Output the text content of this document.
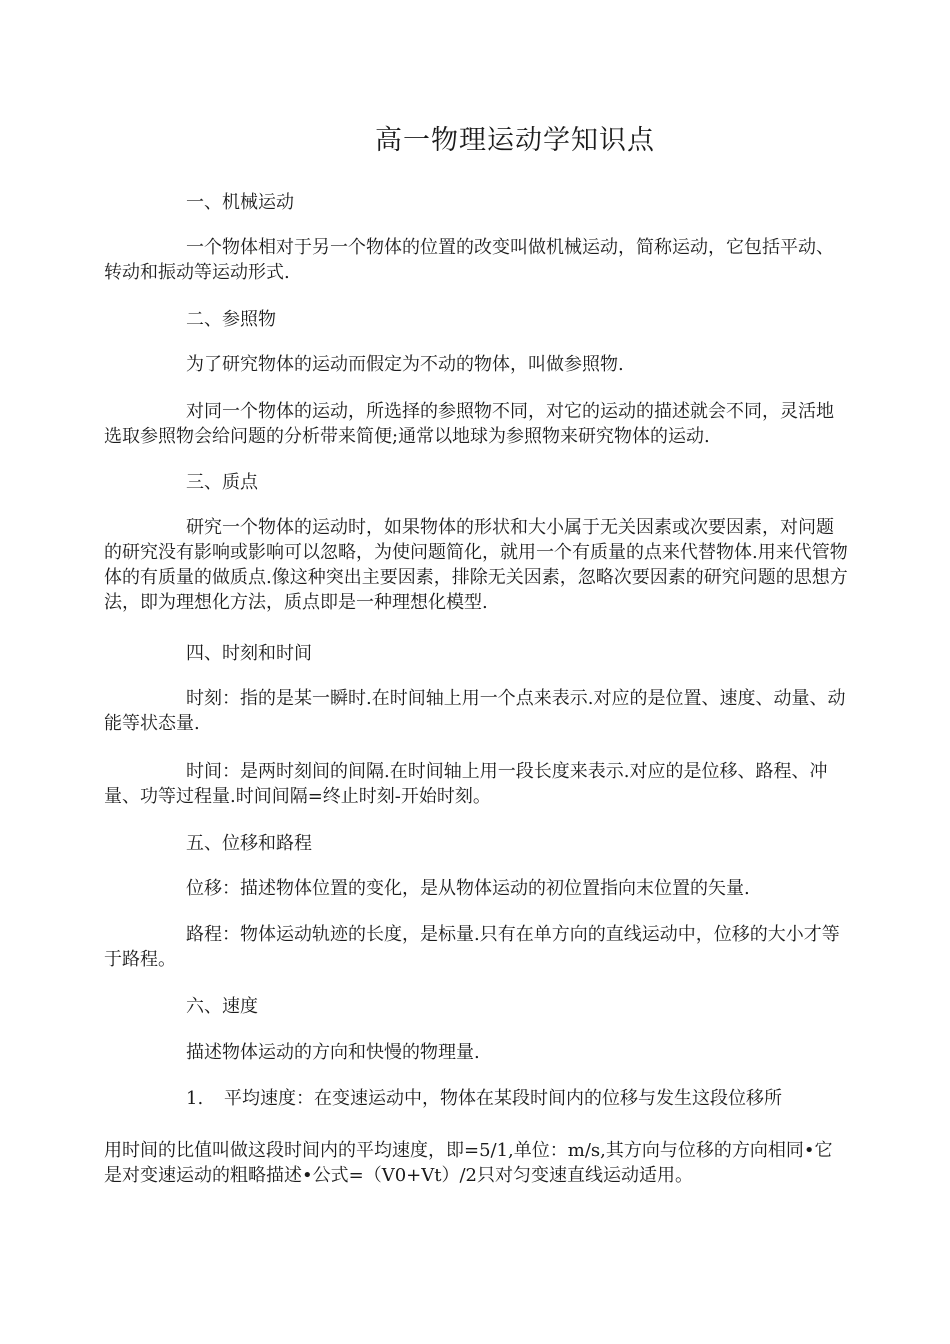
高一物理运动学知识点

一、机械运动

一个物体相对于另一个物体的位置的改变叫做机械运动，简称运动，它包括平动、转动和振动等运动形式.

二、参照物

为了研究物体的运动而假定为不动的物体，叫做参照物.

对同一个物体的运动，所选择的参照物不同，对它的运动的描述就会不同，灵活地选取参照物会给问题的分析带来简便;通常以地球为参照物来研究物体的运动.

三、质点

研究一个物体的运动时，如果物体的形状和大小属于无关因素或次要因素，对问题的研究没有影响或影响可以忽略，为使问题简化，就用一个有质量的点来代替物体.用来代管物体的有质量的做质点.像这种突出主要因素，排除无关因素，忽略次要因素的研究问题的思想方法，即为理想化方法，质点即是一种理想化模型.

四、时刻和时间

时刻：指的是某一瞬时.在时间轴上用一个点来表示.对应的是位置、速度、动量、动能等状态量.

时间：是两时刻间的间隔.在时间轴上用一段长度来表示.对应的是位移、路程、冲量、功等过程量.时间间隔=终止时刻-开始时刻。

五、位移和路程

位移：描述物体位置的变化，是从物体运动的初位置指向末位置的矢量.

路程：物体运动轨迹的长度，是标量.只有在单方向的直线运动中，位移的大小才等于路程。

六、速度

描述物体运动的方向和快慢的物理量.

1. 平均速度：在变速运动中，物体在某段时间内的位移与发生这段位移所

用时间的比值叫做这段时间内的平均速度，即=5/1,单位：m/s,其方向与位移的方向相同•它是对变速运动的粗略描述•公式=（V0+Vt）/2只对匀变速直线运动适用。
